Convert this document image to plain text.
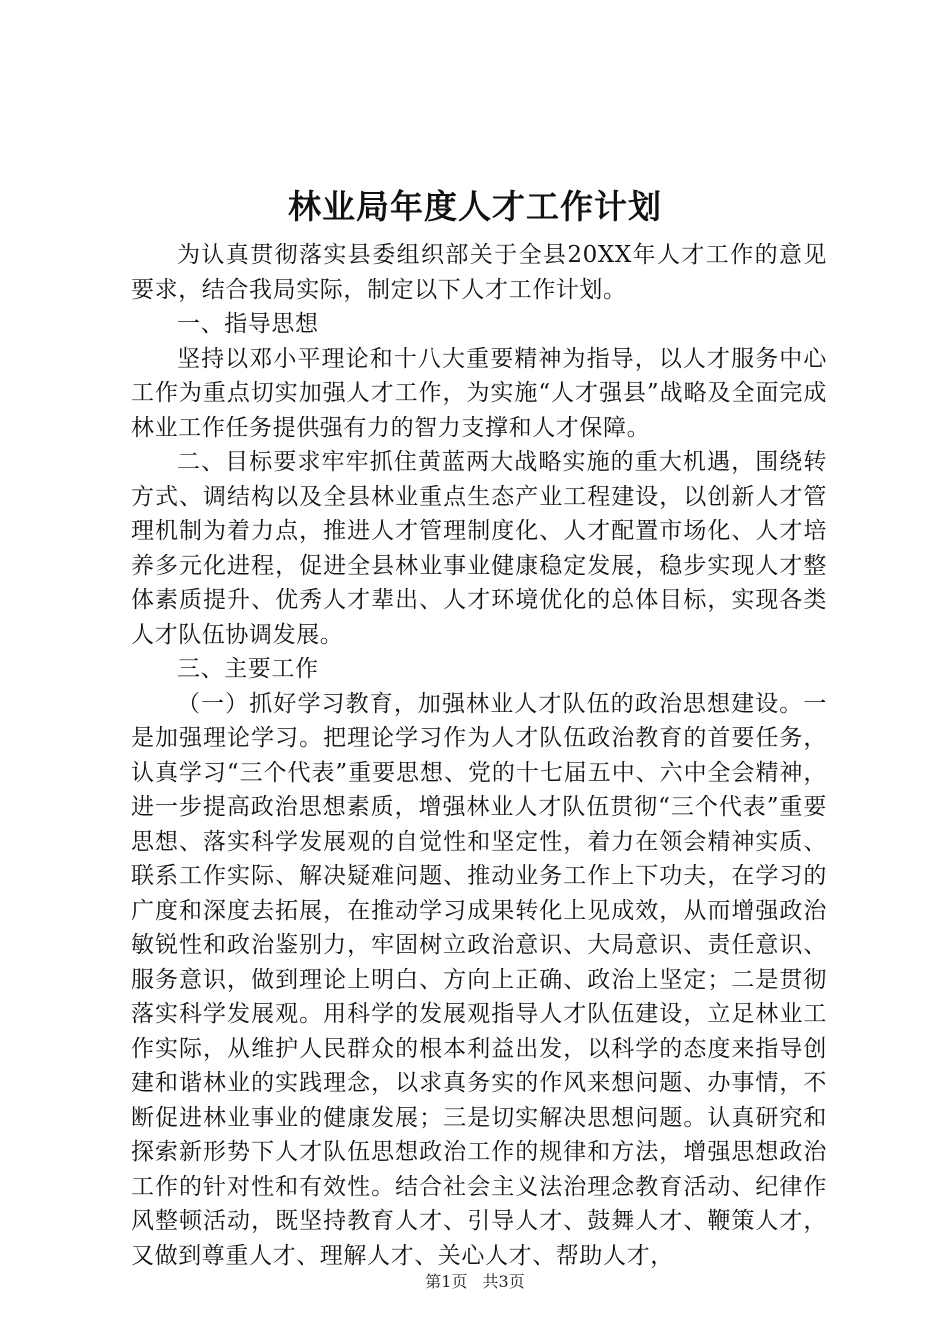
林业局年度人才工作计划

为认真贯彻落实县委组织部关于全县20XX年人才工作的意见要求，结合我局实际，制定以下人才工作计划。

一、指导思想

坚持以邓小平理论和十八大重要精神为指导，以人才服务中心工作为重点切实加强人才工作，为实施“人才强县”战略及全面完成林业工作任务提供强有力的智力支撑和人才保障。

二、目标要求牢牢抓住黄蓝两大战略实施的重大机遇，围绕转方式、调结构以及全县林业重点生态产业工程建设，以创新人才管理机制为着力点，推进人才管理制度化、人才配置市场化、人才培养多元化进程，促进全县林业事业健康稳定发展，稳步实现人才整体素质提升、优秀人才辈出、人才环境优化的总体目标，实现各类人才队伍协调发展。

三、主要工作

（一）抓好学习教育，加强林业人才队伍的政治思想建设。一是加强理论学习。把理论学习作为人才队伍政治教育的首要任务，认真学习“三个代表”重要思想、党的十七届五中、六中全会精神，进一步提高政治思想素质，增强林业人才队伍贯彻“三个代表”重要思想、落实科学发展观的自觉性和坚定性，着力在领会精神实质、联系工作实际、解决疑难问题、推动业务工作上下功夫，在学习的广度和深度去拓展，在推动学习成果转化上见成效，从而增强政治敏锐性和政治鉴别力，牢固树立政治意识、大局意识、责任意识、服务意识，做到理论上明白、方向上正确、政治上坚定；二是贯彻落实科学发展观。用科学的发展观指导人才队伍建设，立足林业工作实际，从维护人民群众的根本利益出发，以科学的态度来指导创建和谐林业的实践理念，以求真务实的作风来想问题、办事情，不断促进林业事业的健康发展；三是切实解决思想问题。认真研究和探索新形势下人才队伍思想政治工作的规律和方法，增强思想政治工作的针对性和有效性。结合社会主义法治理念教育活动、纪律作风整顿活动，既坚持教育人才、引导人才、鼓舞人才、鞭策人才，又做到尊重人才、理解人才、关心人才、帮助人才，

第1页 共3页
